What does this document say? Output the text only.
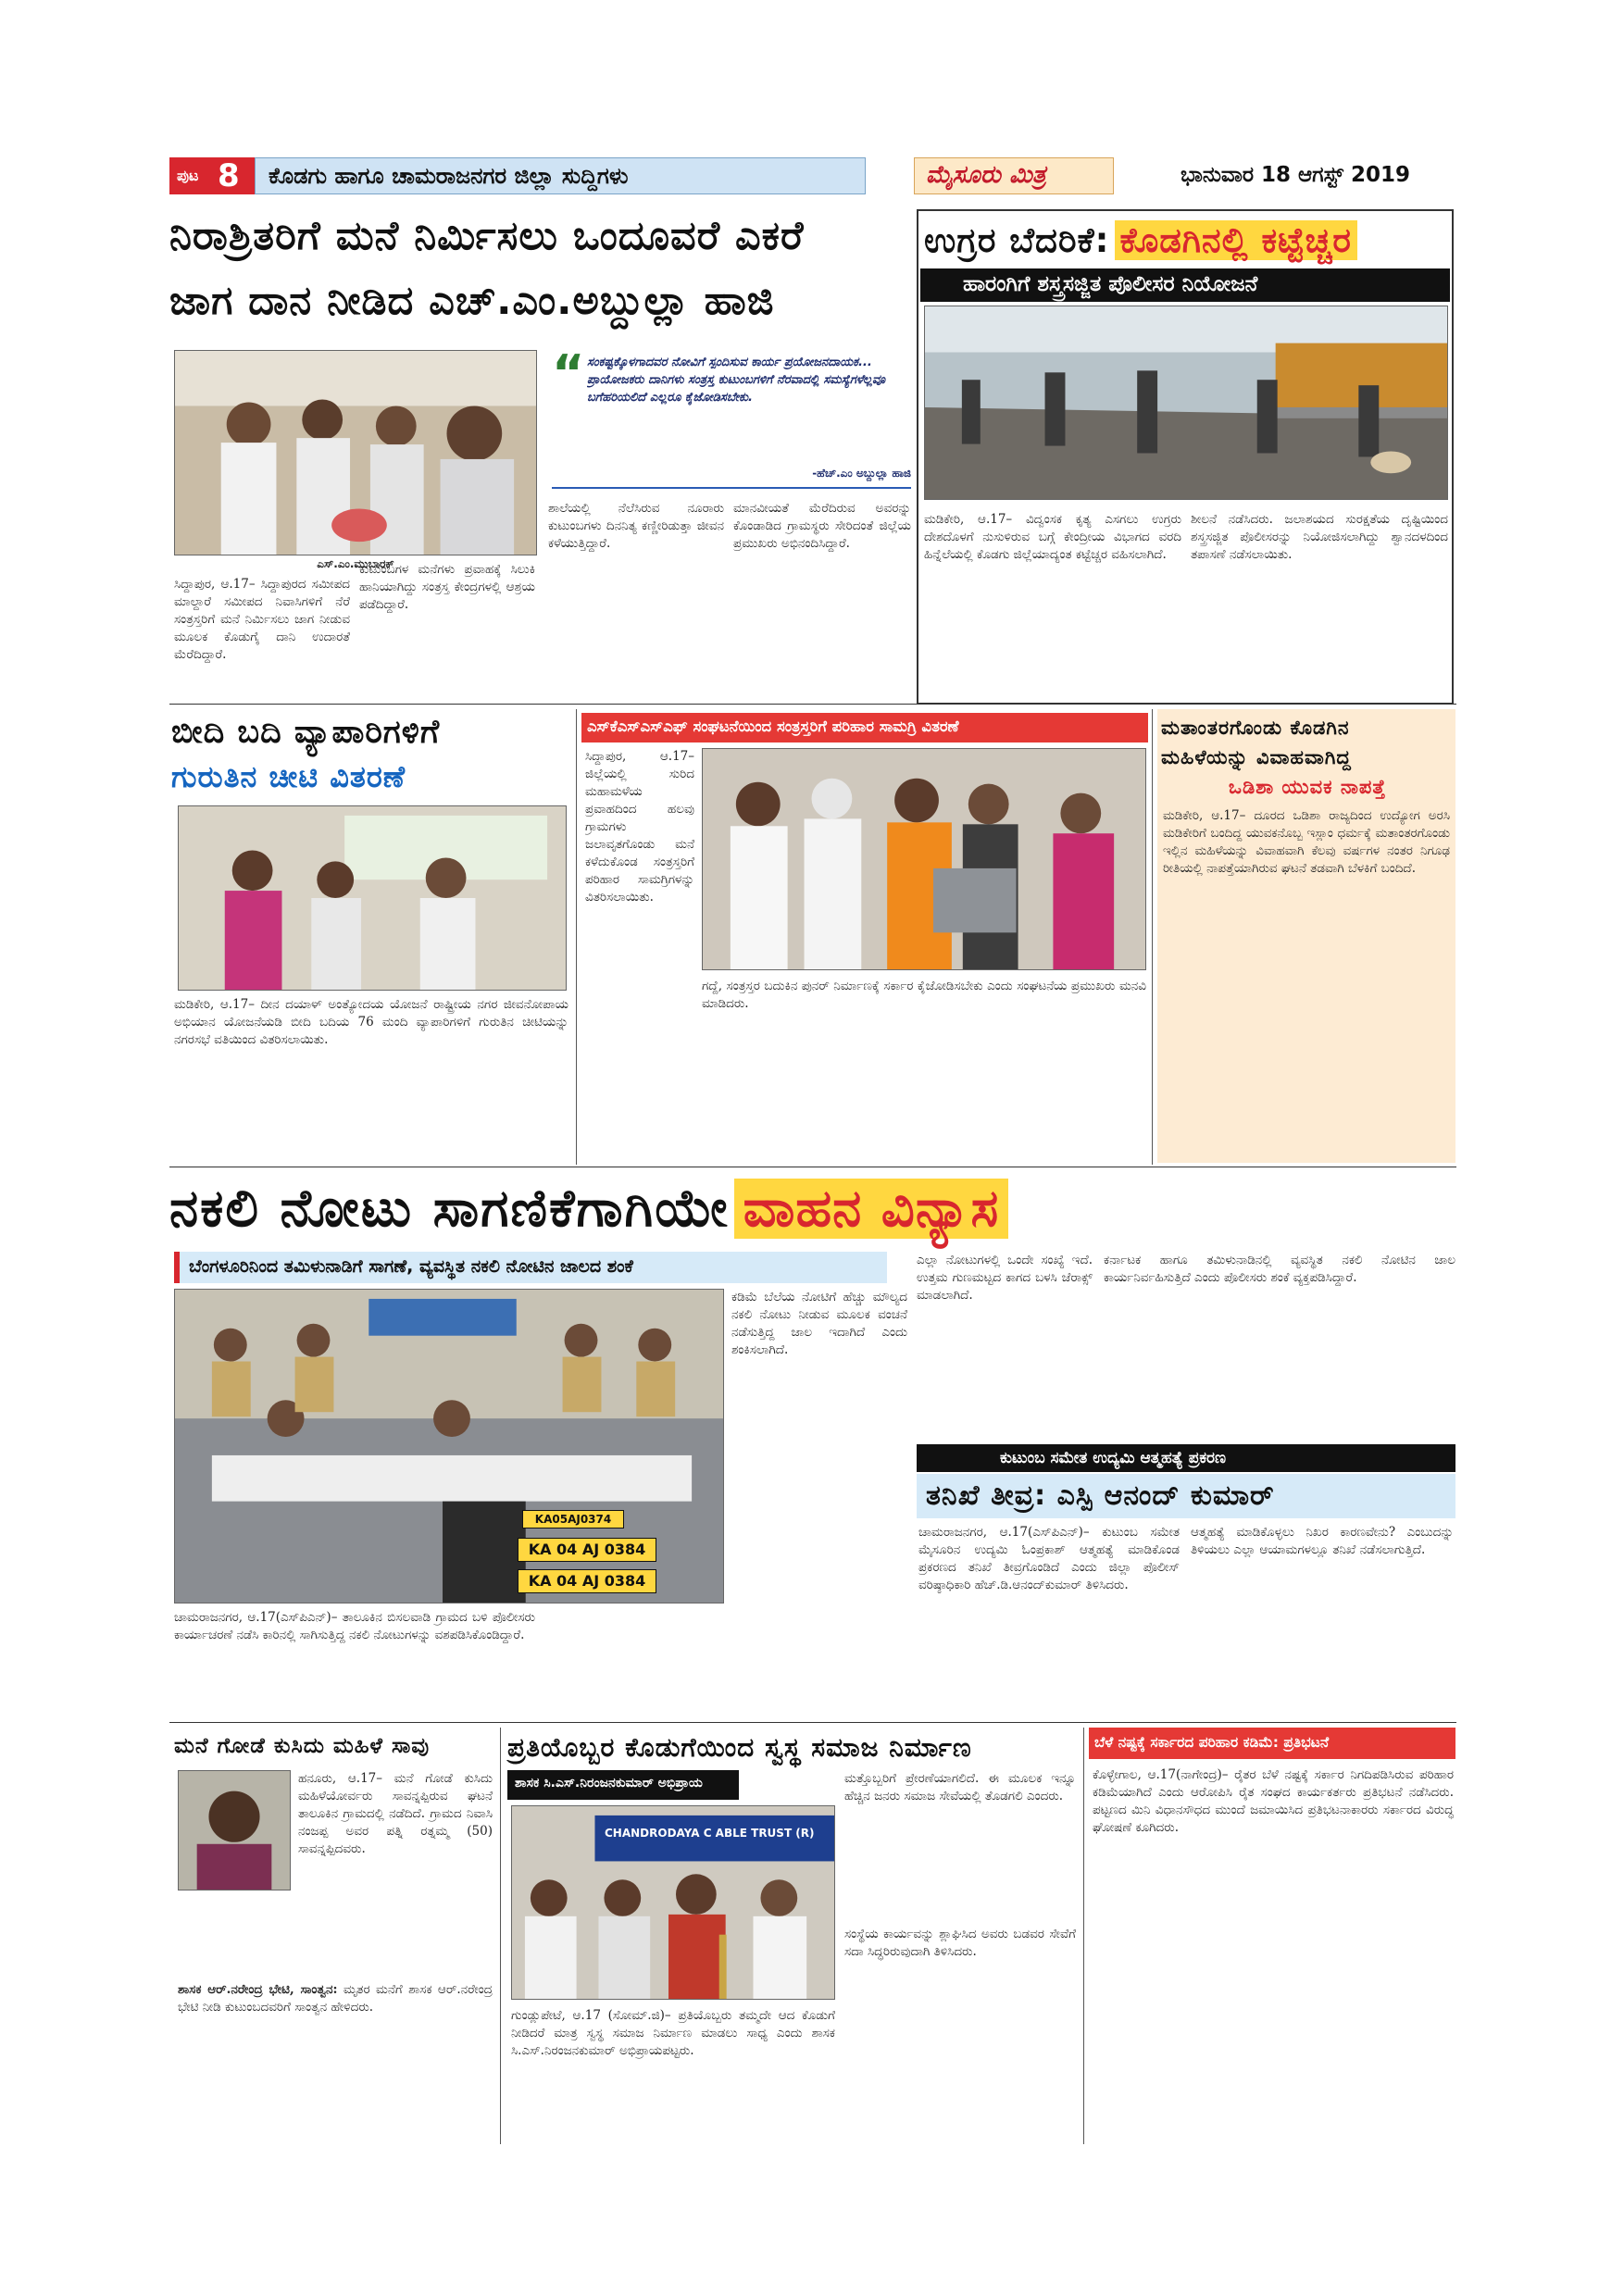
ಪುಟ 8 ಕೊಡಗು ಹಾಗೂ ಚಾಮರಾಜನಗರ ಜಿಲ್ಲಾ ಸುದ್ದಿಗಳು	ಮೈಸೂರು ಮಿತ್ರ	ಭಾನುವಾರ 18 ಆಗಸ್ಟ್ 2019
ನಿರಾಶ್ರಿತರಿಗೆ ಮನೆ ನಿರ್ಮಿಸಲು ಒಂದೂವರೆ ಎಕರೆ
ಜಾಗ ದಾನ ನೀಡಿದ ಎಚ್.ಎಂ.ಅಬ್ದುಲ್ಲಾ ಹಾಜಿ
ಎಸ್.ಎಂ.ಮುಬಾರಕ್
“ ಸಂಕಷ್ಟಕ್ಕೊಳಗಾದವರ ನೋವಿಗೆ ಸ್ಪಂದಿಸುವ ಕಾರ್ಯ ಪ್ರಯೋಜನದಾಯಕ... ಪ್ರಾಯೋಜಕರು ದಾನಿಗಳು ಸಂತ್ರಸ್ತ ಕುಟುಂಬಗಳಿಗೆ ನೆರವಾದಲ್ಲಿ ಸಮಸ್ಯೆಗಳೆಲ್ಲವೂ ಬಗೆಹರಿಯಲಿದೆ ಎಲ್ಲರೂ ಕೈಜೋಡಿಸಬೇಕು.
-ಹೆಚ್.ಎಂ ಅಬ್ದುಲ್ಲಾ ಹಾಜಿ
ಸಿದ್ದಾಪುರ, ಆ.17– ಸಿದ್ದಾಪುರದ ಸಮೀಪದ ಮಾಲ್ದಾರೆ ಸಮೀಪದ ನಿವಾಸಿಗಳಿಗೆ ನೆರೆ ಸಂತ್ರಸ್ತರಿಗೆ ಮನೆ ನಿರ್ಮಿಸಲು ಜಾಗ ನೀಡುವ ಮೂಲಕ ಕೊಡುಗೈ ದಾನಿ ಉದಾರತೆ ಮೆರೆದಿದ್ದಾರೆ.
ಕುಟುಂಬಗಳ ಮನೆಗಳು ಪ್ರವಾಹಕ್ಕೆ ಸಿಲುಕಿ ಹಾನಿಯಾಗಿದ್ದು ಸಂತ್ರಸ್ತ ಕೇಂದ್ರಗಳಲ್ಲಿ ಆಶ್ರಯ ಪಡೆದಿದ್ದಾರೆ.
ಶಾಲೆಯಲ್ಲಿ ನೆಲೆಸಿರುವ ನೂರಾರು ಕುಟುಂಬಗಳು ದಿನನಿತ್ಯ ಕಣ್ಣೀರಿಡುತ್ತಾ ಜೀವನ ಕಳೆಯುತ್ತಿದ್ದಾರೆ.
ಮಾನವೀಯತೆ ಮೆರೆದಿರುವ ಅವರನ್ನು ಕೊಂಡಾಡಿದ ಗ್ರಾಮಸ್ಥರು ಸೇರಿದಂತೆ ಜಿಲ್ಲೆಯ ಪ್ರಮುಖರು ಅಭಿನಂದಿಸಿದ್ದಾರೆ.
ಉಗ್ರರ ಬೆದರಿಕೆ: ಕೊಡಗಿನಲ್ಲಿ ಕಟ್ಟೆಚ್ಚರ
ಹಾರಂಗಿಗೆ ಶಸ್ತ್ರಸಜ್ಜಿತ ಪೊಲೀಸರ ನಿಯೋಜನೆ
ಮಡಿಕೇರಿ, ಆ.17– ವಿದ್ವಂಸಕ ಕೃತ್ಯ ಎಸಗಲು ಉಗ್ರರು ದೇಶದೊಳಗೆ ನುಸುಳಿರುವ ಬಗ್ಗೆ ಕೇಂದ್ರೀಯ ವಿಭಾಗದ ವರದಿ ಹಿನ್ನೆಲೆಯಲ್ಲಿ ಕೊಡಗು ಜಿಲ್ಲೆಯಾದ್ಯಂತ ಕಟ್ಟೆಚ್ಚರ ವಹಿಸಲಾಗಿದೆ.
ಶೀಲನೆ ನಡೆಸಿದರು. ಜಲಾಶಯದ ಸುರಕ್ಷತೆಯ ದೃಷ್ಟಿಯಿಂದ ಶಸ್ತ್ರಸಜ್ಜಿತ ಪೊಲೀಸರನ್ನು ನಿಯೋಜಿಸಲಾಗಿದ್ದು ಶ್ವಾನದಳದಿಂದ ತಪಾಸಣೆ ನಡೆಸಲಾಯಿತು.
ಬೀದಿ ಬದಿ ವ್ಯಾಪಾರಿಗಳಿಗೆ
ಗುರುತಿನ ಚೀಟಿ ವಿತರಣೆ
ಮಡಿಕೇರಿ, ಆ.17– ದೀನ ದಯಾಳ್ ಅಂತ್ಯೋದಯ ಯೋಜನೆ ರಾಷ್ಟ್ರೀಯ ನಗರ ಜೀವನೋಪಾಯ ಅಭಿಯಾನ ಯೋಜನೆಯಡಿ ಬೀದಿ ಬದಿಯ 76 ಮಂದಿ ವ್ಯಾಪಾರಿಗಳಿಗೆ ಗುರುತಿನ ಚೀಟಿಯನ್ನು ನಗರಸಭೆ ವತಿಯಿಂದ ವಿತರಿಸಲಾಯಿತು.
ಎಸ್‌ಕೆಎಸ್‌ಎಸ್‌ಎಫ್ ಸಂಘಟನೆಯಿಂದ ಸಂತ್ರಸ್ತರಿಗೆ ಪರಿಹಾರ ಸಾಮಗ್ರಿ ವಿತರಣೆ
ಸಿದ್ದಾಪುರ, ಆ.17– ಜಿಲ್ಲೆಯಲ್ಲಿ ಸುರಿದ ಮಹಾಮಳೆಯ ಪ್ರವಾಹದಿಂದ ಹಲವು ಗ್ರಾಮಗಳು ಜಲಾವೃತಗೊಂಡು ಮನೆ ಕಳೆದುಕೊಂಡ ಸಂತ್ರಸ್ತರಿಗೆ ಪರಿಹಾರ ಸಾಮಗ್ರಿಗಳನ್ನು ವಿತರಿಸಲಾಯಿತು.
ಗದ್ದೆ, ಸಂತ್ರಸ್ತರ ಬದುಕಿನ ಪುನರ್ ನಿರ್ಮಾಣಕ್ಕೆ ಸರ್ಕಾರ ಕೈಜೋಡಿಸಬೇಕು ಎಂದು ಸಂಘಟನೆಯ ಪ್ರಮುಖರು ಮನವಿ ಮಾಡಿದರು.
ಮತಾಂತರಗೊಂಡು ಕೊಡಗಿನ
ಮಹಿಳೆಯನ್ನು ವಿವಾಹವಾಗಿದ್ದ
ಒಡಿಶಾ ಯುವಕ ನಾಪತ್ತೆ
ಮಡಿಕೇರಿ, ಆ.17– ದೂರದ ಒಡಿಶಾ ರಾಜ್ಯದಿಂದ ಉದ್ಯೋಗ ಅರಸಿ ಮಡಿಕೇರಿಗೆ ಬಂದಿದ್ದ ಯುವಕನೊಬ್ಬ ಇಸ್ಲಾಂ ಧರ್ಮಕ್ಕೆ ಮತಾಂತರಗೊಂಡು ಇಲ್ಲಿನ ಮಹಿಳೆಯನ್ನು ವಿವಾಹವಾಗಿ ಕೆಲವು ವರ್ಷಗಳ ನಂತರ ನಿಗೂಢ ರೀತಿಯಲ್ಲಿ ನಾಪತ್ತೆಯಾಗಿರುವ ಘಟನೆ ತಡವಾಗಿ ಬೆಳಕಿಗೆ ಬಂದಿದೆ.
ನಕಲಿ ನೋಟು ಸಾಗಣಿಕೆಗಾಗಿಯೇ ವಾಹನ ವಿನ್ಯಾಸ
ಬೆಂಗಳೂರಿನಿಂದ ತಮಿಳುನಾಡಿಗೆ ಸಾಗಣೆ, ವ್ಯವಸ್ಥಿತ ನಕಲಿ ನೋಟಿನ ಜಾಲದ ಶಂಕೆ
KA05AJ0374
KA 04 AJ 0384
KA 04 AJ 0384
ಚಾಮರಾಜನಗರ, ಆ.17(ಎಸ್‌ಪಿಎನ್)– ತಾಲೂಕಿನ ಬಿಸಲವಾಡಿ ಗ್ರಾಮದ ಬಳಿ ಪೊಲೀಸರು ಕಾರ್ಯಾಚರಣೆ ನಡೆಸಿ ಕಾರಿನಲ್ಲಿ ಸಾಗಿಸುತ್ತಿದ್ದ ನಕಲಿ ನೋಟುಗಳನ್ನು ವಶಪಡಿಸಿಕೊಂಡಿದ್ದಾರೆ.
ಕಡಿಮೆ ಬೆಲೆಯ ನೋಟಿಗೆ ಹೆಚ್ಚು ಮೌಲ್ಯದ ನಕಲಿ ನೋಟು ನೀಡುವ ಮೂಲಕ ವಂಚನೆ ನಡೆಸುತ್ತಿದ್ದ ಜಾಲ ಇದಾಗಿದೆ ಎಂದು ಶಂಕಿಸಲಾಗಿದೆ.
ಎಲ್ಲಾ ನೋಟುಗಳಲ್ಲಿ ಒಂದೇ ಸಂಖ್ಯೆ ಇದೆ. ಉತ್ತಮ ಗುಣಮಟ್ಟದ ಕಾಗದ ಬಳಸಿ ಜೆರಾಕ್ಸ್ ಮಾಡಲಾಗಿದೆ.
ಕರ್ನಾಟಕ ಹಾಗೂ ತಮಿಳುನಾಡಿನಲ್ಲಿ ವ್ಯವಸ್ಥಿತ ನಕಲಿ ನೋಟಿನ ಜಾಲ ಕಾರ್ಯನಿರ್ವಹಿಸುತ್ತಿದೆ ಎಂದು ಪೊಲೀಸರು ಶಂಕೆ ವ್ಯಕ್ತಪಡಿಸಿದ್ದಾರೆ.
ಕುಟುಂಬ ಸಮೇತ ಉದ್ಯಮಿ ಆತ್ಮಹತ್ಯೆ ಪ್ರಕರಣ
ತನಿಖೆ ತೀವ್ರ: ಎಸ್ಪಿ ಆನಂದ್ ಕುಮಾರ್
ಚಾಮರಾಜನಗರ, ಆ.17(ಎಸ್‌ಪಿಎನ್)– ಕುಟುಂಬ ಸಮೇತ ಮೈಸೂರಿನ ಉದ್ಯಮಿ ಓಂಪ್ರಕಾಶ್ ಆತ್ಮಹತ್ಯೆ ಮಾಡಿಕೊಂಡ ಪ್ರಕರಣದ ತನಿಖೆ ತೀವ್ರಗೊಂಡಿದೆ ಎಂದು ಜಿಲ್ಲಾ ಪೊಲೀಸ್ ವರಿಷ್ಠಾಧಿಕಾರಿ ಹೆಚ್.ಡಿ.ಆನಂದ್‌ಕುಮಾರ್ ತಿಳಿಸಿದರು.
ಆತ್ಮಹತ್ಯೆ ಮಾಡಿಕೊಳ್ಳಲು ನಿಖರ ಕಾರಣವೇನು? ಎಂಬುದನ್ನು ತಿಳಿಯಲು ಎಲ್ಲಾ ಆಯಾಮಗಳಲ್ಲೂ ತನಿಖೆ ನಡೆಸಲಾಗುತ್ತಿದೆ.
ಮನೆ ಗೋಡೆ ಕುಸಿದು ಮಹಿಳೆ ಸಾವು
ಹನೂರು, ಆ.17– ಮನೆ ಗೋಡೆ ಕುಸಿದು ಮಹಿಳೆಯೋರ್ವರು ಸಾವನ್ನಪ್ಪಿರುವ ಘಟನೆ ತಾಲೂಕಿನ ಗ್ರಾಮದಲ್ಲಿ ನಡೆದಿದೆ. ಗ್ರಾಮದ ನಿವಾಸಿ ನಂಜಪ್ಪ ಅವರ ಪತ್ನಿ ರತ್ನಮ್ಮ (50) ಸಾವನ್ನಪ್ಪಿದವರು.
ಶಾಸಕ ಆರ್.ನರೇಂದ್ರ ಭೇಟಿ, ಸಾಂತ್ವನ: ಮೃತರ ಮನೆಗೆ ಶಾಸಕ ಆರ್.ನರೇಂದ್ರ ಭೇಟಿ ನೀಡಿ ಕುಟುಂಬದವರಿಗೆ ಸಾಂತ್ವನ ಹೇಳಿದರು.
ಪ್ರತಿಯೊಬ್ಬರ ಕೊಡುಗೆಯಿಂದ ಸ್ವಸ್ಥ ಸಮಾಜ ನಿರ್ಮಾಣ
ಶಾಸಕ ಸಿ.ಎಸ್.ನಿರಂಜನಕುಮಾರ್ ಅಭಿಪ್ರಾಯ
CHANDRODAYA C ABLE TRUST (R)
ಗುಂಡ್ಲುಪೇಟೆ, ಆ.17 (ಸೋಮ್.ಜಿ)– ಪ್ರತಿಯೊಬ್ಬರು ತಮ್ಮದೇ ಆದ ಕೊಡುಗೆ ನೀಡಿದರೆ ಮಾತ್ರ ಸ್ವಸ್ಥ ಸಮಾಜ ನಿರ್ಮಾಣ ಮಾಡಲು ಸಾಧ್ಯ ಎಂದು ಶಾಸಕ ಸಿ.ಎಸ್.ನಿರಂಜನಕುಮಾರ್ ಅಭಿಪ್ರಾಯಪಟ್ಟರು.
ಮತ್ತೊಬ್ಬರಿಗೆ ಪ್ರೇರಣೆಯಾಗಲಿದೆ. ಈ ಮೂಲಕ ಇನ್ನೂ ಹೆಚ್ಚಿನ ಜನರು ಸಮಾಜ ಸೇವೆಯಲ್ಲಿ ತೊಡಗಲಿ ಎಂದರು.
ಸಂಸ್ಥೆಯ ಕಾರ್ಯವನ್ನು ಶ್ಲಾಘಿಸಿದ ಅವರು ಬಡವರ ಸೇವೆಗೆ ಸದಾ ಸಿದ್ಧರಿರುವುದಾಗಿ ತಿಳಿಸಿದರು.
ಬೆಳೆ ನಷ್ಟಕ್ಕೆ ಸರ್ಕಾರದ ಪರಿಹಾರ ಕಡಿಮೆ: ಪ್ರತಿಭಟನೆ
ಕೊಳ್ಳೇಗಾಲ, ಆ.17(ನಾಗೇಂದ್ರ)– ರೈತರ ಬೆಳೆ ನಷ್ಟಕ್ಕೆ ಸರ್ಕಾರ ನಿಗದಿಪಡಿಸಿರುವ ಪರಿಹಾರ ಕಡಿಮೆಯಾಗಿದೆ ಎಂದು ಆರೋಪಿಸಿ ರೈತ ಸಂಘದ ಕಾರ್ಯಕರ್ತರು ಪ್ರತಿಭಟನೆ ನಡೆಸಿದರು. ಪಟ್ಟಣದ ಮಿನಿ ವಿಧಾನಸೌಧದ ಮುಂದೆ ಜಮಾಯಿಸಿದ ಪ್ರತಿಭಟನಾಕಾರರು ಸರ್ಕಾರದ ವಿರುದ್ಧ ಘೋಷಣೆ ಕೂಗಿದರು.
